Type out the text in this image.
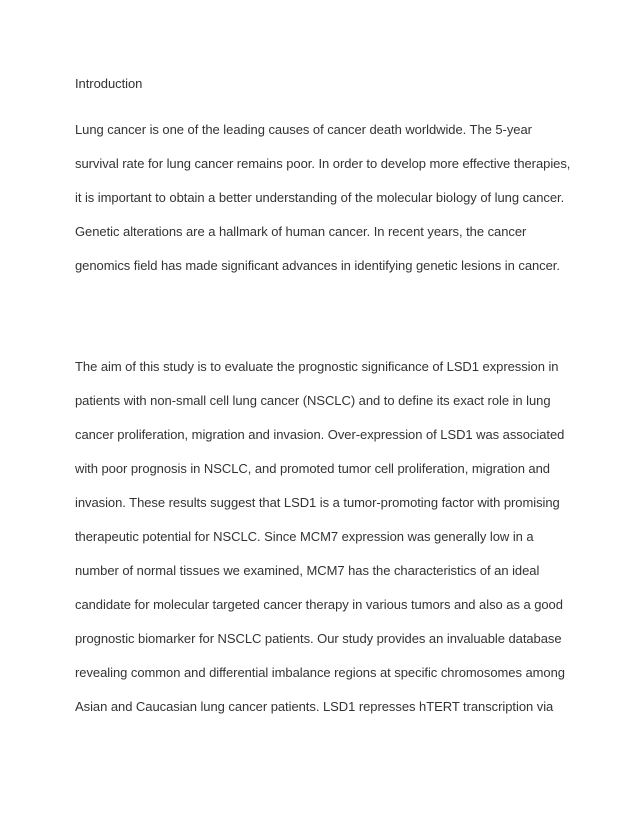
Introduction
Lung cancer is one of the leading causes of cancer death worldwide. The 5-year
survival rate for lung cancer remains poor. In order to develop more effective therapies,
it is important to obtain a better understanding of the molecular biology of lung cancer.
Genetic alterations are a hallmark of human cancer. In recent years, the cancer
genomics field has made significant advances in identifying genetic lesions in cancer.
The aim of this study is to evaluate the prognostic significance of LSD1 expression in
patients with non-small cell lung cancer (NSCLC) and to define its exact role in lung
cancer proliferation, migration and invasion. Over-expression of LSD1 was associated
with poor prognosis in NSCLC, and promoted tumor cell proliferation, migration and
invasion. These results suggest that LSD1 is a tumor-promoting factor with promising
therapeutic potential for NSCLC. Since MCM7 expression was generally low in a
number of normal tissues we examined, MCM7 has the characteristics of an ideal
candidate for molecular targeted cancer therapy in various tumors and also as a good
prognostic biomarker for NSCLC patients. Our study provides an invaluable database
revealing common and differential imbalance regions at specific chromosomes among
Asian and Caucasian lung cancer patients. LSD1 represses hTERT transcription via
